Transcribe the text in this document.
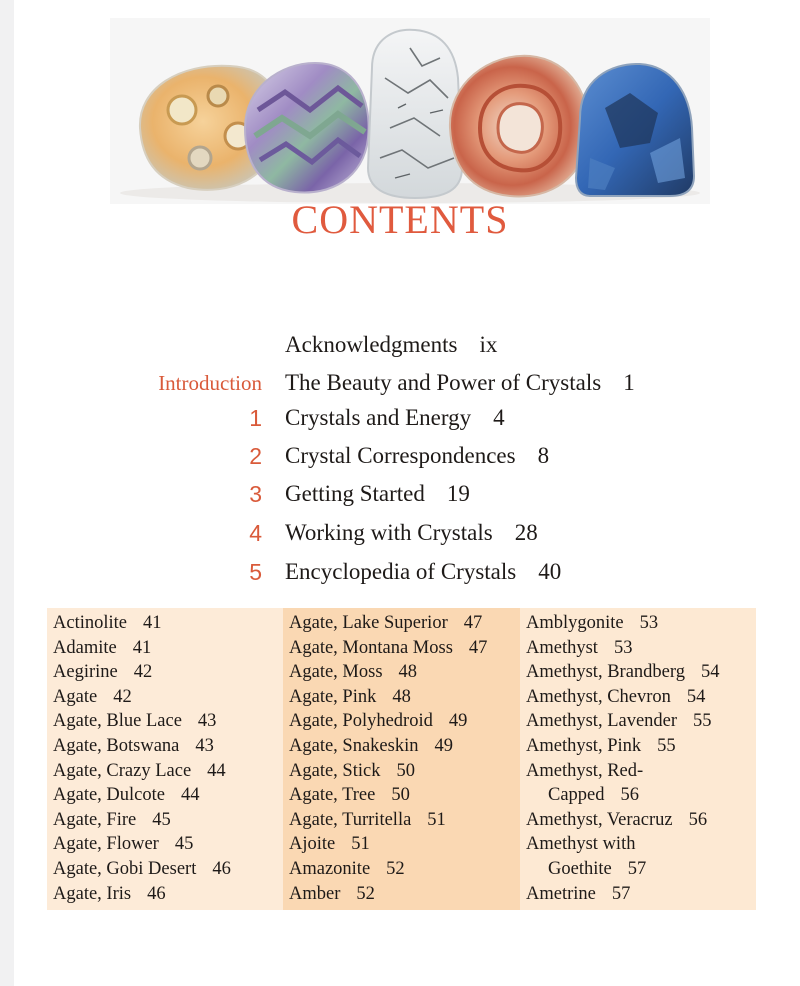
CONTENTS
Acknowledgments ix
Introduction The Beauty and Power of Crystals 1
1 Crystals and Energy 4
2 Crystal Correspondences 8
3 Getting Started 19
4 Working with Crystals 28
5 Encyclopedia of Crystals 40
Actinolite 41
Adamite 41
Aegirine 42
Agate 42
Agate, Blue Lace 43
Agate, Botswana 43
Agate, Crazy Lace 44
Agate, Dulcote 44
Agate, Fire 45
Agate, Flower 45
Agate, Gobi Desert 46
Agate, Iris 46
Agate, Lake Superior 47
Agate, Montana Moss 47
Agate, Moss 48
Agate, Pink 48
Agate, Polyhedroid 49
Agate, Snakeskin 49
Agate, Stick 50
Agate, Tree 50
Agate, Turritella 51
Ajoite 51
Amazonite 52
Amber 52
Amblygonite 53
Amethyst 53
Amethyst, Brandberg 54
Amethyst, Chevron 54
Amethyst, Lavender 55
Amethyst, Pink 55
Amethyst, Red-
Capped 56
Amethyst, Veracruz 56
Amethyst with
Goethite 57
Ametrine 57
